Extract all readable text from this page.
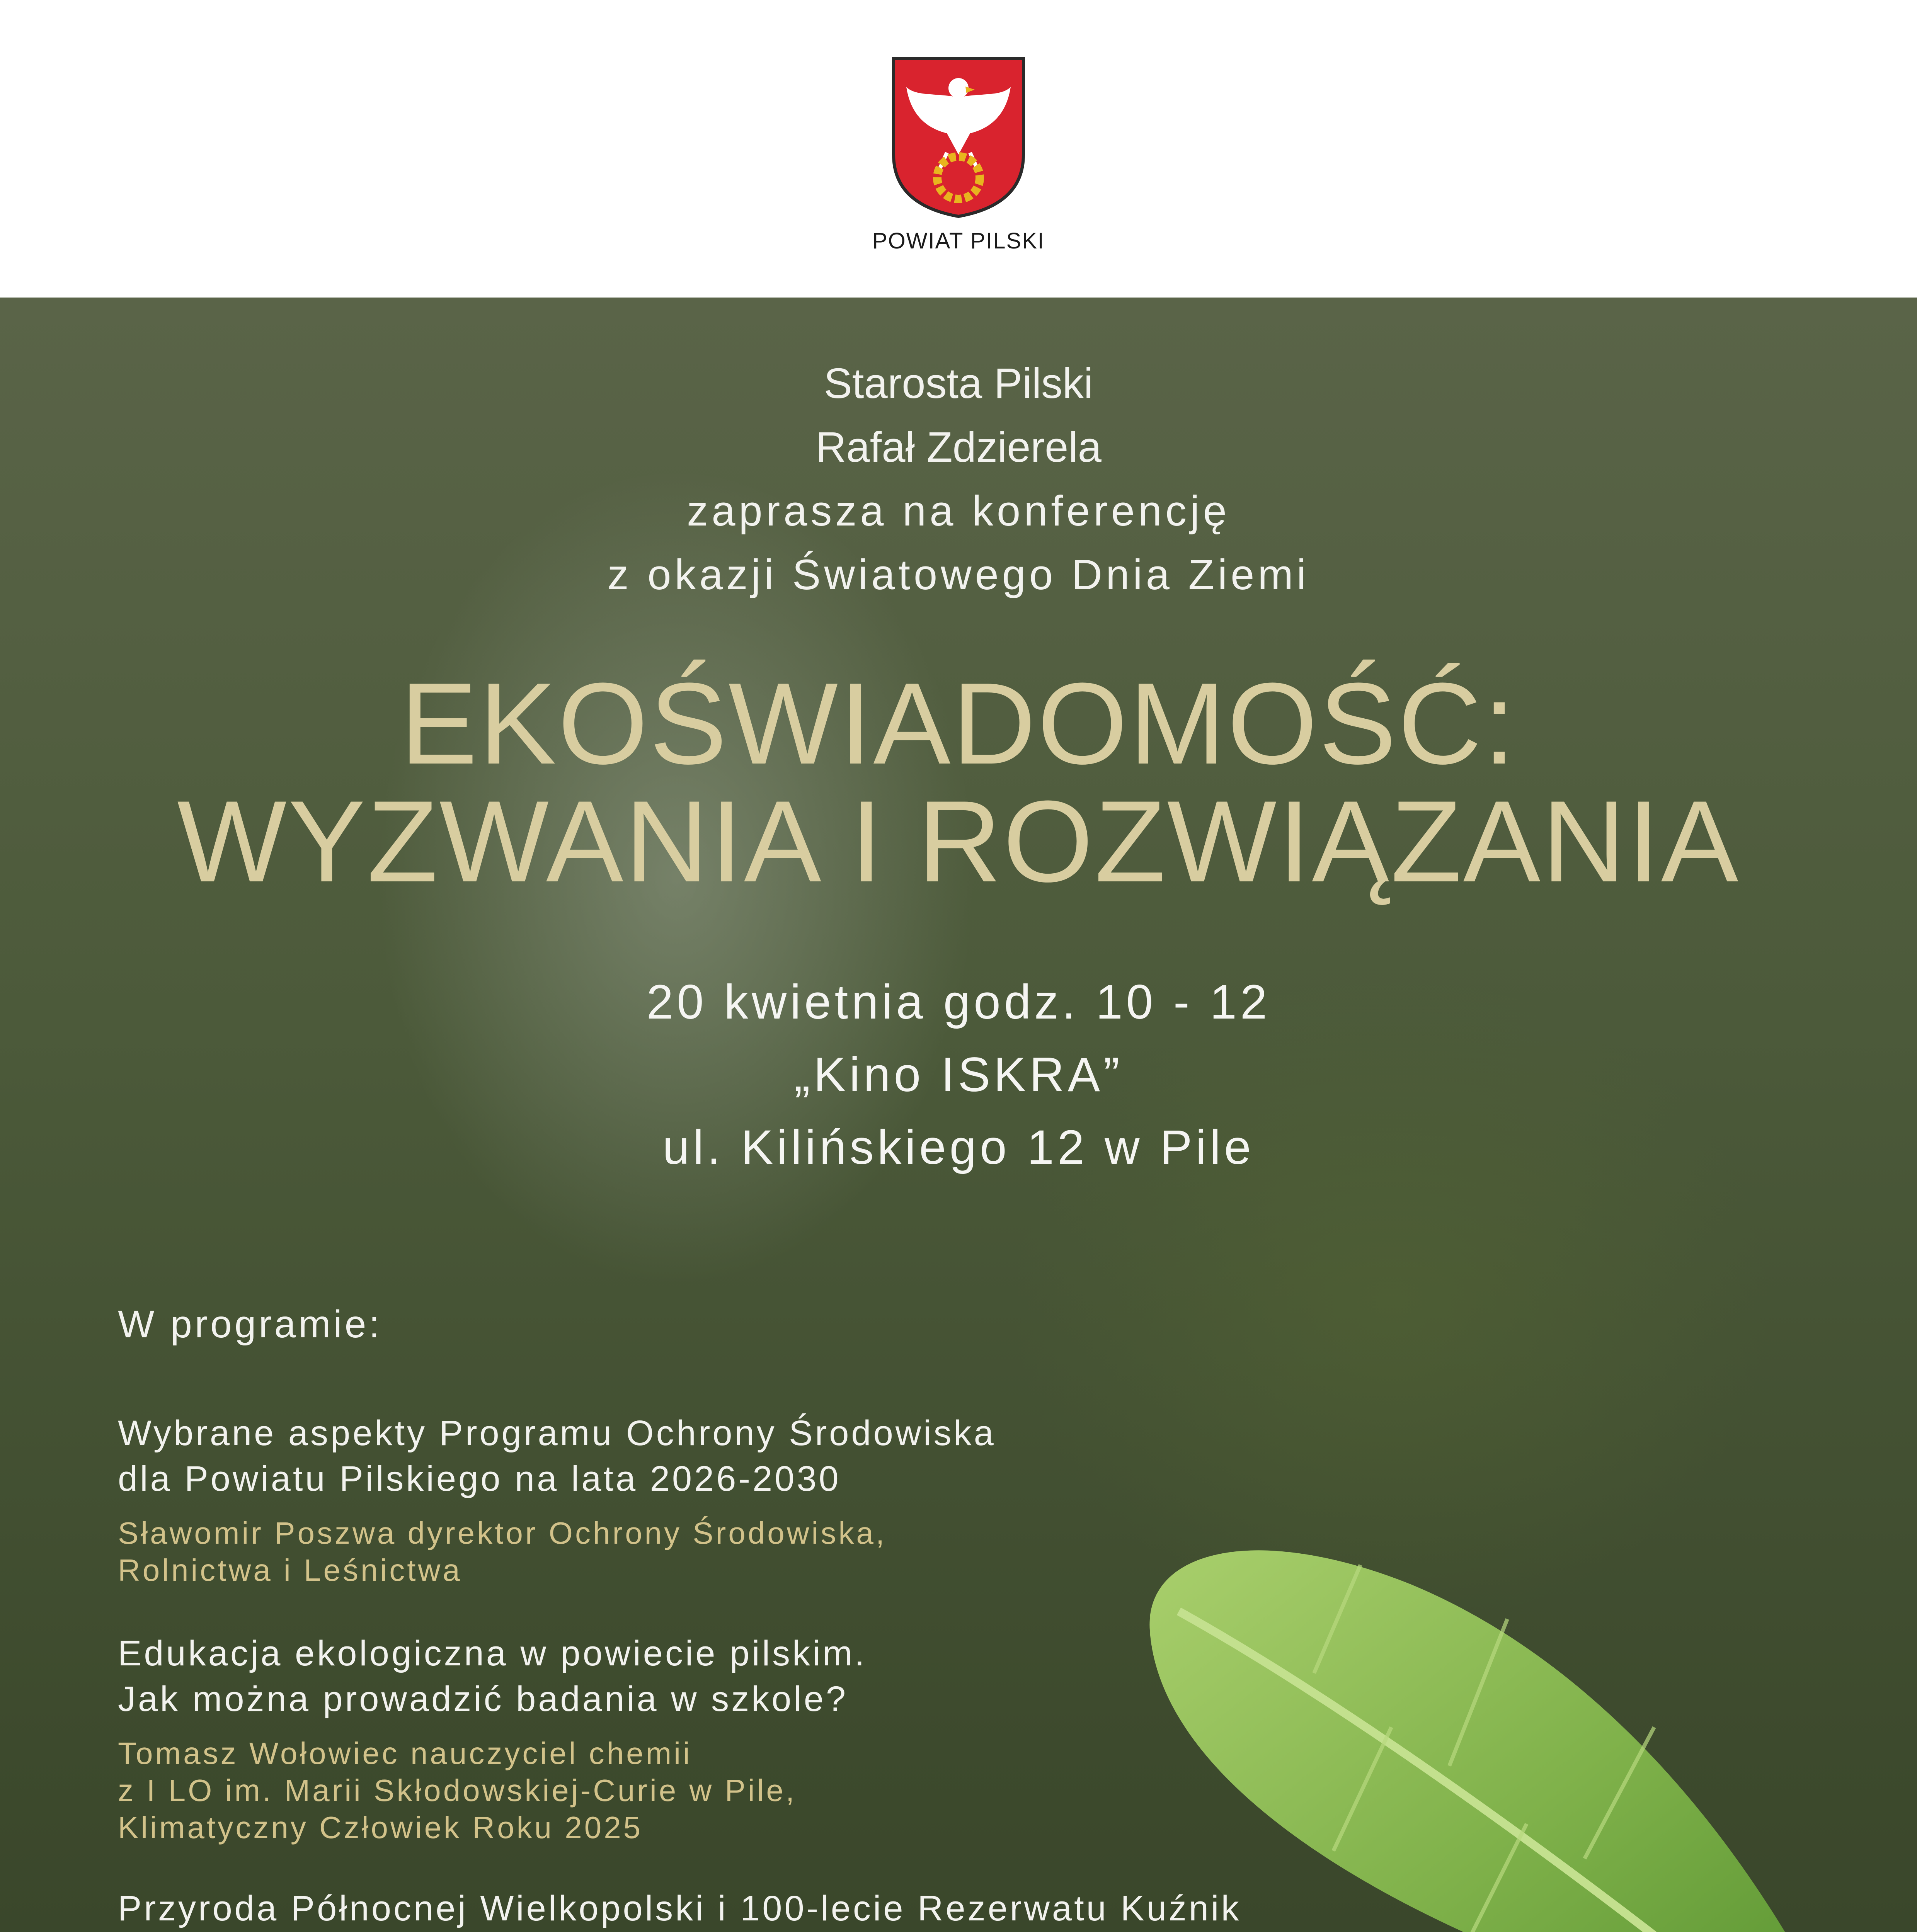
POWIAT PILSKI
Starosta Pilski
Rafał Zdzierela
zaprasza na konferencję
z okazji Światowego Dnia Ziemi
EKOŚWIADOMOŚĆ:
WYZWANIA I ROZWIĄZANIA
20 kwietnia godz. 10 - 12
„Kino ISKRA”
ul. Kilińskiego 12 w Pile
W programie:
Wybrane aspekty Programu Ochrony Środowiska
dla Powiatu Pilskiego na lata 2026-2030
Sławomir Poszwa dyrektor Ochrony Środowiska,
Rolnictwa i Leśnictwa
Edukacja ekologiczna w powiecie pilskim.
Jak można prowadzić badania w szkole?
Tomasz Wołowiec nauczyciel chemii
z I LO im. Marii Skłodowskiej-Curie w Pile,
Klimatyczny Człowiek Roku 2025
Przyroda Północnej Wielkopolski i 100-lecie Rezerwatu Kuźnik
